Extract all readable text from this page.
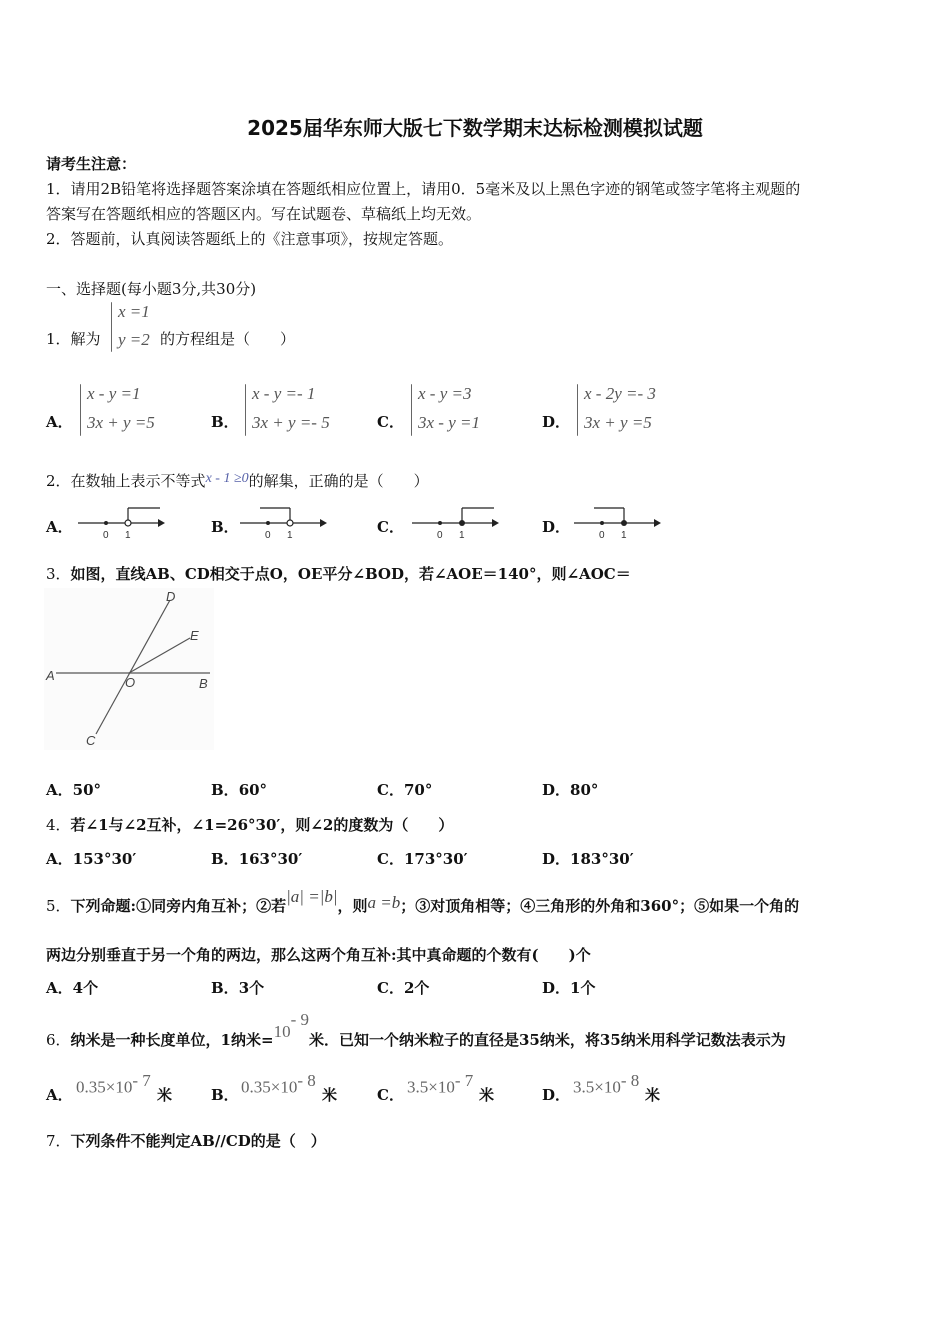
2025届华东师大版七下数学期末达标检测模拟试题
请考生注意：
1．请用2B铅笔将选择题答案涂填在答题纸相应位置上，请用0．5毫米及以上黑色字迹的钢笔或签字笔将主观题的
答案写在答题纸相应的答题区内。写在试题卷、草稿纸上均无效。
2．答题前，认真阅读答题纸上的《注意事项》，按规定答题。
一、选择题(每小题3分,共30分)
1．解为
x =1
y =2 的方程组是（　　）
A．
x - y =1
3x + y =5	B．
x - y =- 1
3x + y =- 5	C．
x - y =3
3x - y =1	D．
x - 2y =- 3
3x + y =5
2．在数轴上表示不等式x - 1 ≥0的解集，正确的是（　　）
A．	0 1	B．	0 1	C．	0 1	D．	0 1
3．如图，直线AB、CD相交于点O，OE平分∠BOD，若∠AOE＝140°，则∠AOC＝
A
B
C
D
E
O
A．50°	B．60°	C．70°	D．80°
4．若∠1与∠2互补，∠1=26°30′，则∠2的度数为（　　）
A．153°30′	B．163°30′	C．173°30′	D．183°30′
5．下列命题:①同旁内角互补；②若|a| =|b|，则a =b；③对顶角相等；④三角形的外角和360°；⑤如果一个角的
两边分别垂直于另一个角的两边，那么这两个角互补:其中真命题的个数有(　　)个
A．4个	B．3个	C．2个	D．1个
6．纳米是一种长度单位，1纳米=10- 9米．已知一个纳米粒子的直径是35纳米，将35纳米用科学记数法表示为
A． 0.35×10- 7
米	B． 0.35×10- 8
米	C． 3.5×10- 7
米	D． 3.5×10- 8
米
7．下列条件不能判定AB//CD的是（　）
